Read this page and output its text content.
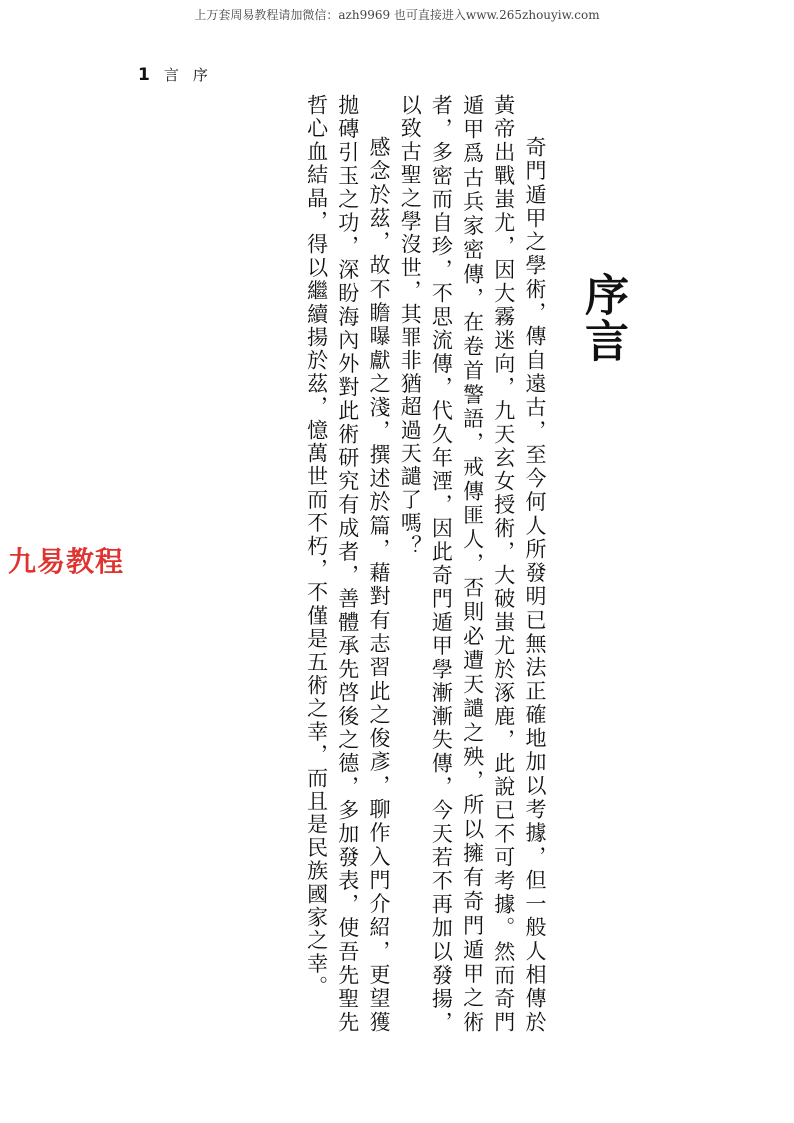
上万套周易教程请加微信：azh9969 也可直接进入www.265zhouyiw.com
1 言序
序言

奇門遁甲之學術，傳自遠古，至今何人所發明已無法正確地加以考據，但一般人相傳於黃帝出戰蚩尤，因大霧迷向，九天玄女授術，大破蚩尤於涿鹿，此說已不可考據。然而奇門遁甲爲古兵家密傳，在卷首警語，戒傳匪人，否則必遭天譴之殃，所以擁有奇門遁甲之術者，多密而自珍，不思流傳，代久年湮，因此奇門遁甲學漸漸失傳，今天若不再加以發揚，以致古聖之學沒世，其罪非猶超過天譴了嗎？

感念於茲，故不瞻曝獻之淺，撰述於篇，藉對有志習此之俊彥，聊作入門介紹，更望獲拋磚引玉之功，深盼海內外對此術研究有成者，善體承先啓後之德，多加發表，使吾先聖先哲心血結晶，得以繼續揚於茲，憶萬世而不朽，不僅是五術之幸，而且是民族國家之幸。

九易教程
